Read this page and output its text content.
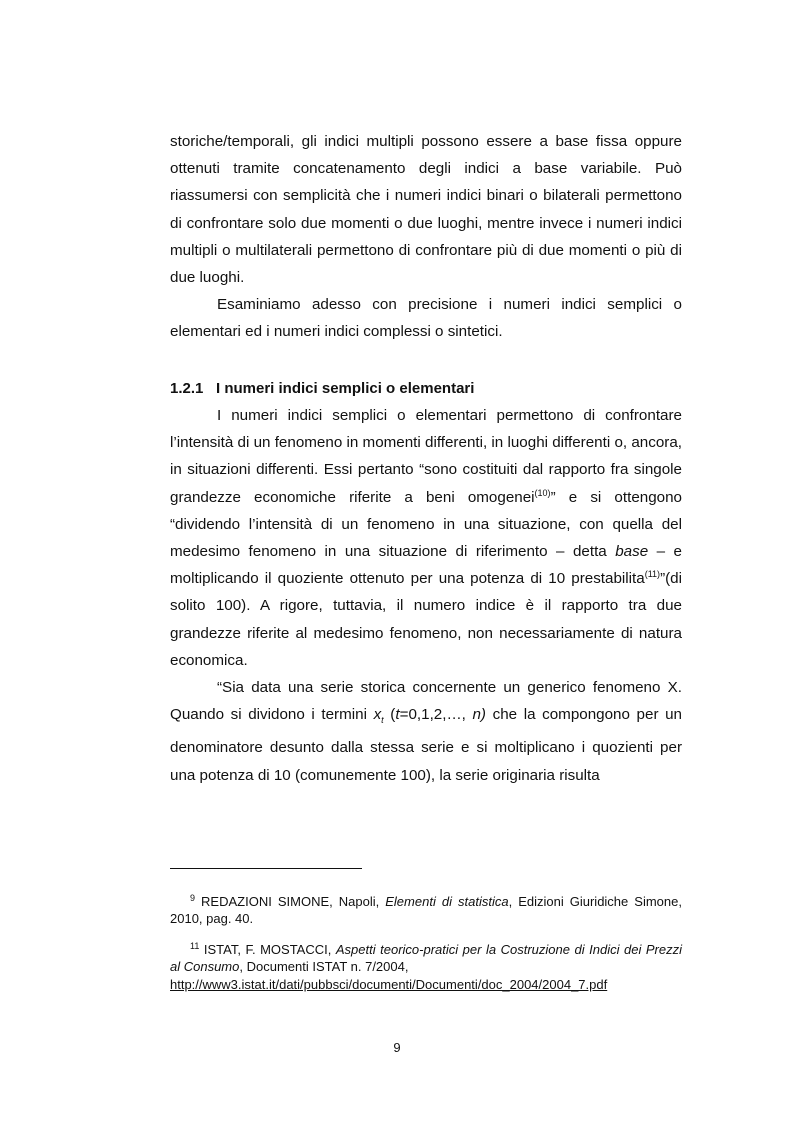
storiche/temporali, gli indici multipli possono essere a base fissa oppure ottenuti tramite concatenamento degli indici a base variabile. Può riassumersi con semplicità che i numeri indici binari o bilaterali permettono di confrontare solo due momenti o due luoghi, mentre invece i numeri indici multipli o multilaterali permettono di confrontare più di due momenti o più di due luoghi.

Esaminiamo adesso con precisione i numeri indici semplici o elementari ed i numeri indici complessi o sintetici.

1.2.1 I numeri indici semplici o elementari

I numeri indici semplici o elementari permettono di confrontare l’intensità di un fenomeno in momenti differenti, in luoghi differenti o, ancora, in situazioni differenti. Essi pertanto “sono costituiti dal rapporto fra singole grandezze economiche riferite a beni omogenei$^{(10)}$” e si ottengono “dividendo l’intensità di un fenomeno in una situazione, con quella del medesimo fenomeno in una situazione di riferimento – detta base – e moltiplicando il quoziente ottenuto per una potenza di 10 prestabilita$^{(11)}$”(di solito 100). A rigore, tuttavia, il numero indice è il rapporto tra due grandezze riferite al medesimo fenomeno, non necessariamente di natura economica.

“Sia data una serie storica concernente un generico fenomeno X. Quando si dividono i termini $x_t$ (t=0,1,2,…, n) che la compongono per un denominatore desunto dalla stessa serie e si moltiplicano i quozienti per una potenza di 10 (comunemente 100), la serie originaria risulta

$^9$ REDAZIONI SIMONE, Napoli, Elementi di statistica, Edizioni Giuridiche Simone, 2010, pag. 40.
$^{11}$ ISTAT, F. MOSTACCI, Aspetti teorico-pratici per la Costruzione di Indici dei Prezzi al Consumo, Documenti ISTAT n. 7/2004,
http://www3.istat.it/dati/pubbsci/documenti/Documenti/doc_2004/2004_7.pdf
9
